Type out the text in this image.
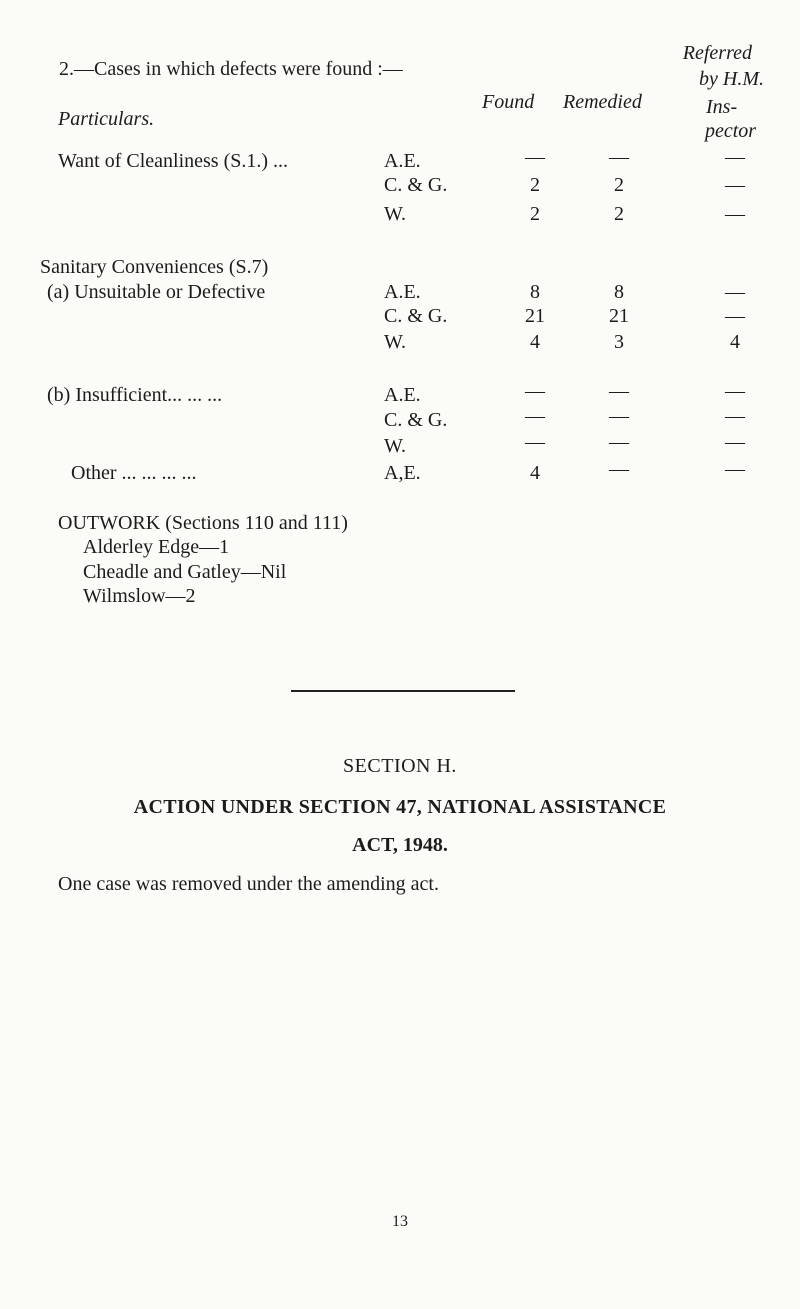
2.—Cases in which defects were found :—
Particulars.
Found Remedied
Referred
by H.M.
Ins-
pector
Want of Cleanliness (S.1.) ...	A.E.	—	—	—
C. & G.	2	2	—
W.	2	2	—
Sanitary Conveniences (S.7)
(a) Unsuitable or Defective	A.E.	8	8	—
C. & G.	21	21	—
W.	4	3	4
(b) Insufficient... ... ...	A.E.	—	—	—
C. & G.	—	—	—
W.	—	—	—
Other ... ... ... ...	A,E.	4	—	—
OUTWORK (Sections 110 and 111)
Alderley Edge—1
Cheadle and Gatley—Nil
Wilmslow—2
SECTION H.
ACTION UNDER SECTION 47, NATIONAL ASSISTANCE
ACT, 1948.
One case was removed under the amending act.
13
